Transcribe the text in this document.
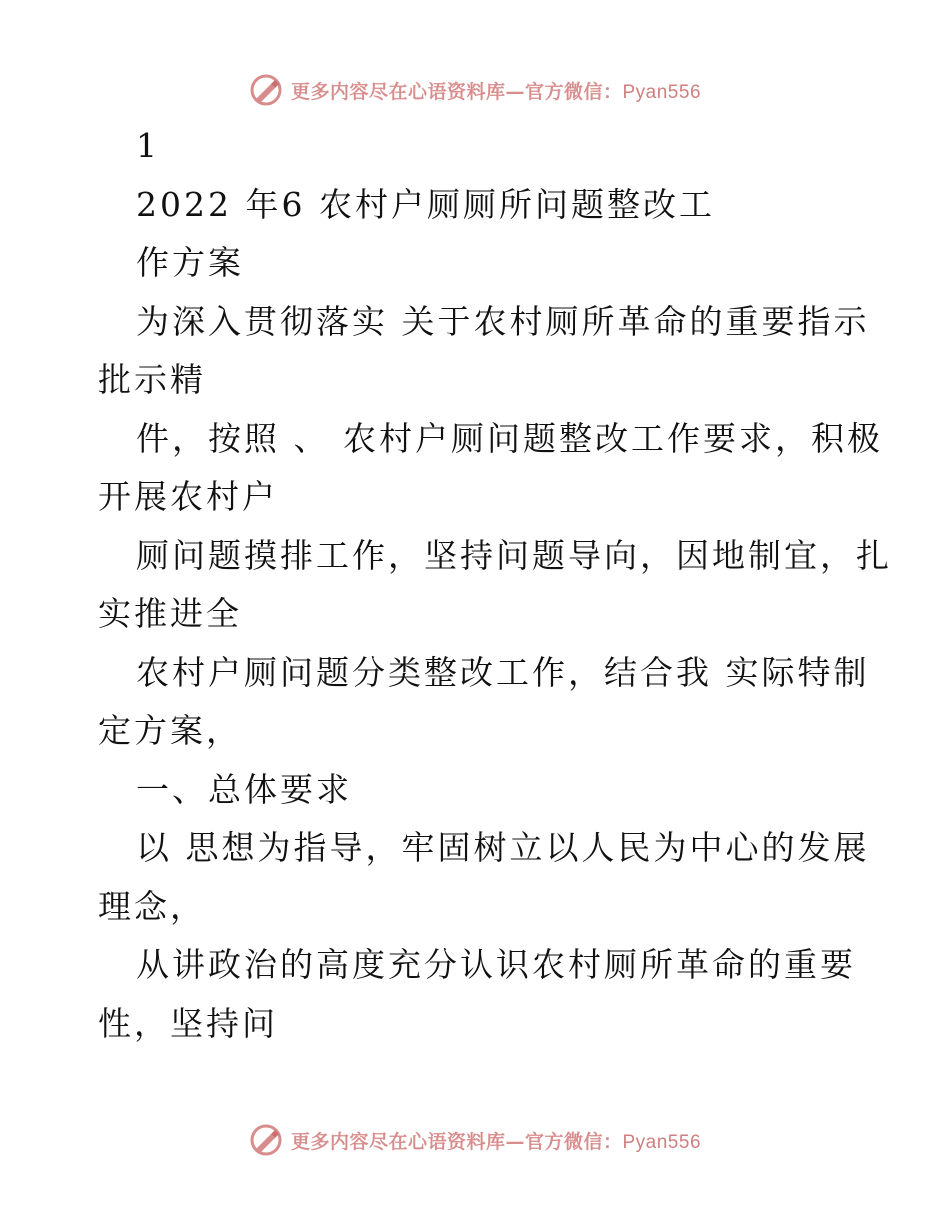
更多内容尽在心语资料库—官方微信：Pyan556
1
2022 年6 农村户厕厕所问题整改工
作方案
为深入贯彻落实 关于农村厕所革命的重要指示
批示精
件，按照 、 农村户厕问题整改工作要求，积极
开展农村户
厕问题摸排工作，坚持问题导向，因地制宜，扎
实推进全
农村户厕问题分类整改工作，结合我 实际特制
定方案，
一、总体要求
以 思想为指导，牢固树立以人民为中心的发展
理念，
从讲政治的高度充分认识农村厕所革命的重要
性，坚持问
更多内容尽在心语资料库—官方微信：Pyan556
